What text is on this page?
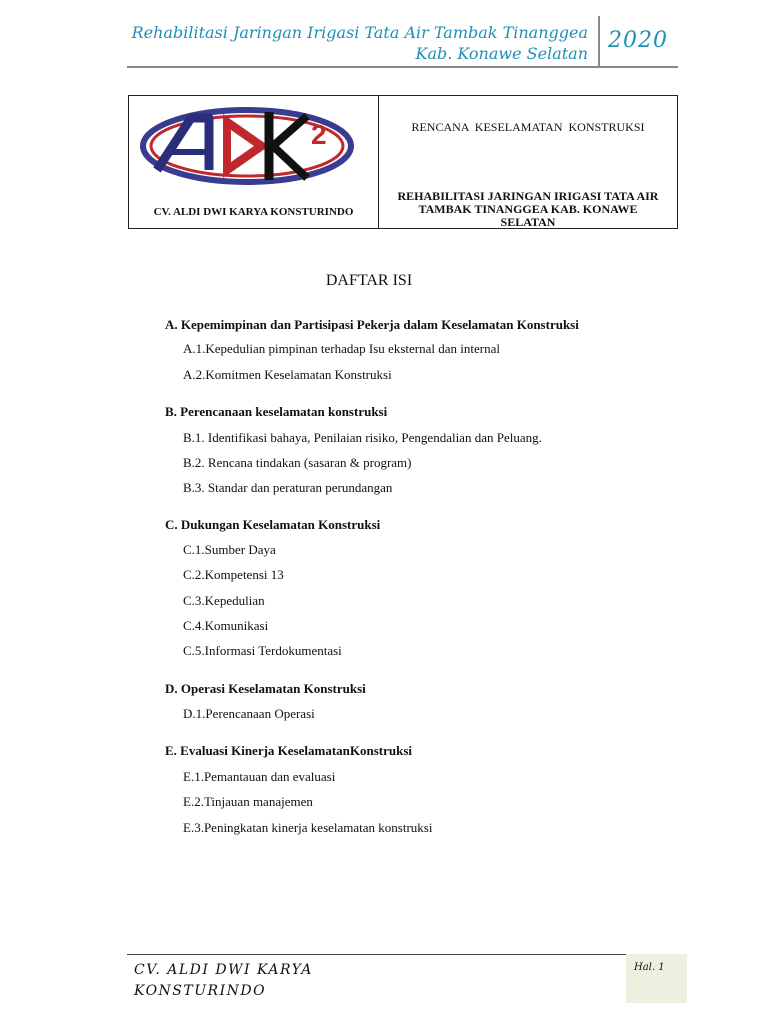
Rehabilitasi Jaringan Irigasi Tata Air Tambak Tinanggea
Kab. Konawe Selatan
2020
2
CV. ALDI DWI KARYA KONSTURINDO
RENCANA KESELAMATAN KONSTRUKSI
REHABILITASI JARINGAN IRIGASI TATA AIR TAMBAK TINANGGEA KAB. KONAWE SELATAN
DAFTAR ISI
A. Kepemimpinan dan Partisipasi Pekerja dalam Keselamatan Konstruksi
A.1.Kepedulian pimpinan terhadap Isu eksternal dan internal
A.2.Komitmen Keselamatan Konstruksi
B. Perencanaan keselamatan konstruksi
B.1. Identifikasi bahaya, Penilaian risiko, Pengendalian dan Peluang.
B.2. Rencana tindakan (sasaran & program)
B.3. Standar dan peraturan perundangan
C. Dukungan Keselamatan Konstruksi
C.1.Sumber Daya
C.2.Kompetensi 13
C.3.Kepedulian
C.4.Komunikasi
C.5.Informasi Terdokumentasi
D. Operasi Keselamatan Konstruksi
D.1.Perencanaan Operasi
E. Evaluasi Kinerja KeselamatanKonstruksi
E.1.Pemantauan dan evaluasi
E.2.Tinjauan manajemen
E.3.Peningkatan kinerja keselamatan konstruksi
CV. ALDI DWI KARYA
KONSTURINDO
Hal. 1
